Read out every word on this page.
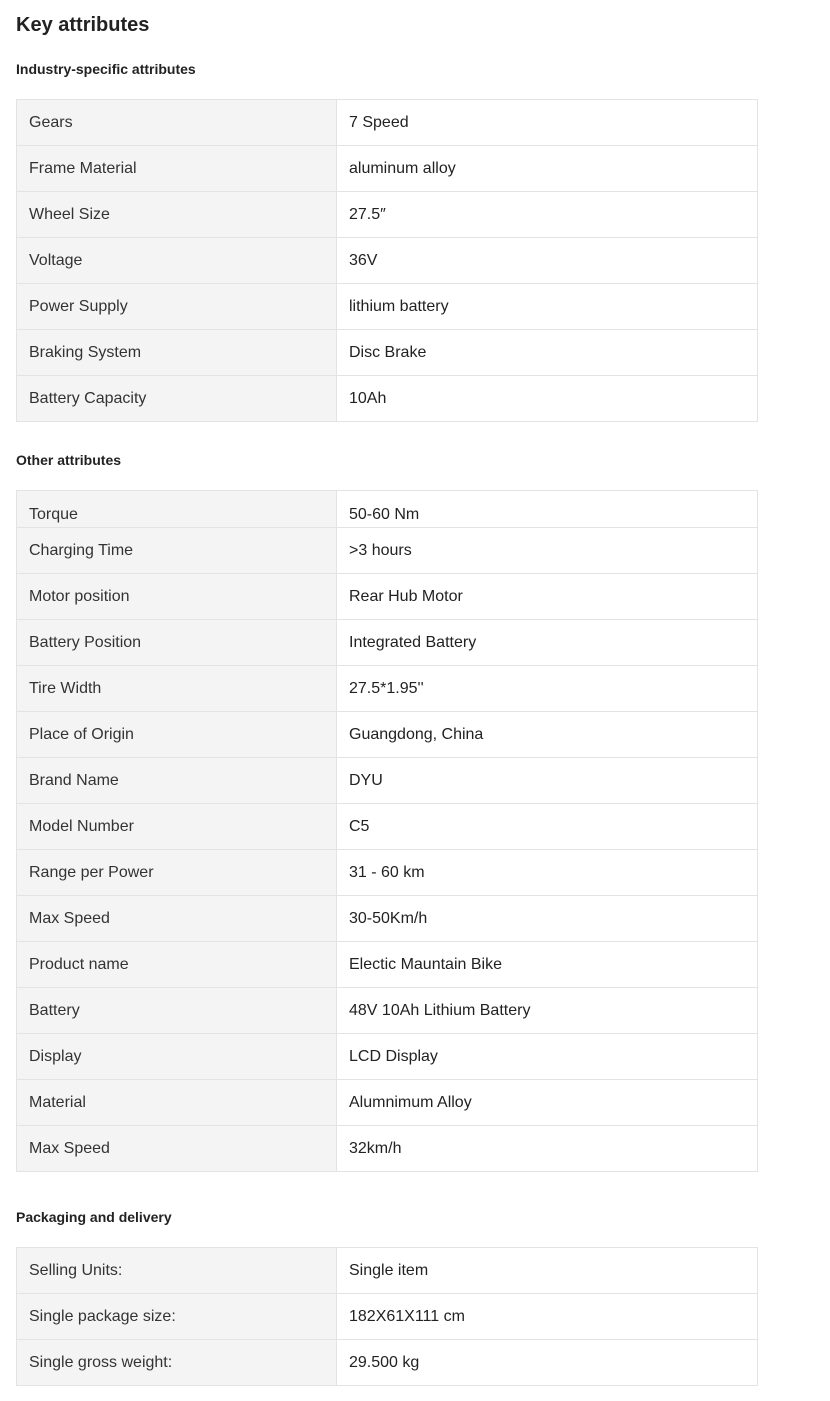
Key attributes
Industry-specific attributes
Gears	7 Speed
Frame Material	aluminum alloy
Wheel Size	27.5″
Voltage	36V
Power Supply	lithium battery
Braking System	Disc Brake
Battery Capacity	10Ah
Other attributes
Torque	50-60 Nm
Charging Time	>3 hours
Motor position	Rear Hub Motor
Battery Position	Integrated Battery
Tire Width	27.5*1.95''
Place of Origin	Guangdong, China
Brand Name	DYU
Model Number	C5
Range per Power	31 - 60 km
Max Speed	30-50Km/h
Product name	Electic Mauntain Bike
Battery	48V 10Ah Lithium Battery
Display	LCD Display
Material	Alumnimum Alloy
Max Speed	32km/h
Packaging and delivery
Selling Units:	Single item
Single package size:	182X61X111 cm
Single gross weight:	29.500 kg
